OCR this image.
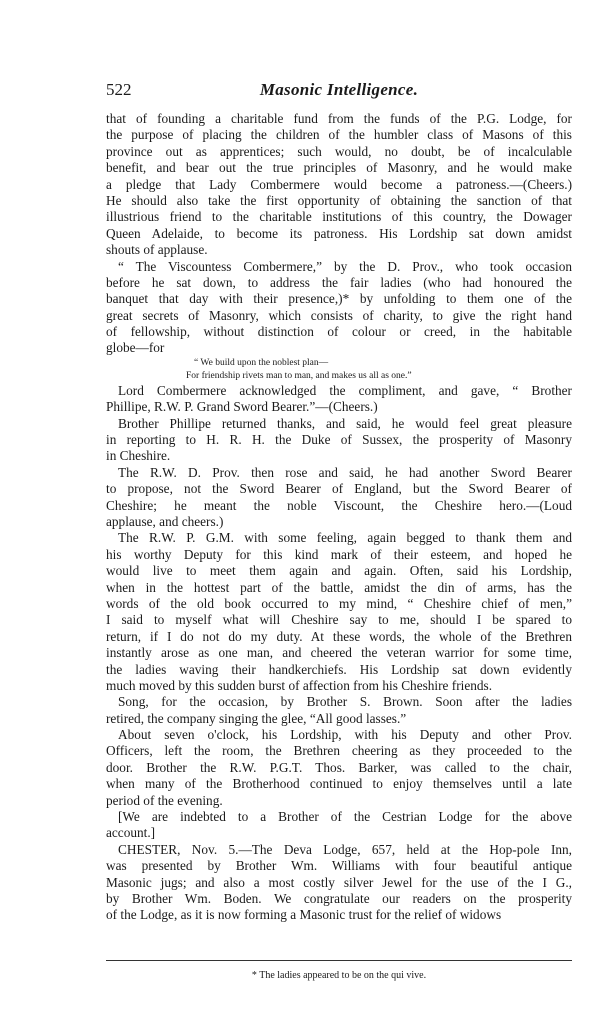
522	Masonic Intelligence.
that of founding a charitable fund from the funds of the P.G. Lodge, for
the purpose of placing the children of the humbler class of Masons of this
province out as apprentices; such would, no doubt, be of incalculable
benefit, and bear out the true principles of Masonry, and he would make
a pledge that Lady Combermere would become a patroness.—(Cheers.)
He should also take the first opportunity of obtaining the sanction of that
illustrious friend to the charitable institutions of this country, the Dowager
Queen Adelaide, to become its patroness. His Lordship sat down amidst
shouts of applause.
“ The Viscountess Combermere,” by the D. Prov., who took occasion
before he sat down, to address the fair ladies (who had honoured the
banquet that day with their presence,)* by unfolding to them one of the
great secrets of Masonry, which consists of charity, to give the right hand
of fellowship, without distinction of colour or creed, in the habitable
globe—for
“ We build upon the noblest plan—
For friendship rivets man to man, and makes us all as one.”
Lord Combermere acknowledged the compliment, and gave, “ Brother
Phillipe, R.W. P. Grand Sword Bearer.”—(Cheers.)
Brother Phillipe returned thanks, and said, he would feel great pleasure
in reporting to H. R. H. the Duke of Sussex, the prosperity of Masonry
in Cheshire.
The R.W. D. Prov. then rose and said, he had another Sword Bearer
to propose, not the Sword Bearer of England, but the Sword Bearer of
Cheshire; he meant the noble Viscount, the Cheshire hero.—(Loud
applause, and cheers.)
The R.W. P. G.M. with some feeling, again begged to thank them and
his worthy Deputy for this kind mark of their esteem, and hoped he
would live to meet them again and again. Often, said his Lordship,
when in the hottest part of the battle, amidst the din of arms, has the
words of the old book occurred to my mind, “ Cheshire chief of men,”
I said to myself what will Cheshire say to me, should I be spared to
return, if I do not do my duty. At these words, the whole of the Brethren
instantly arose as one man, and cheered the veteran warrior for some time,
the ladies waving their handkerchiefs. His Lordship sat down evidently
much moved by this sudden burst of affection from his Cheshire friends.
Song, for the occasion, by Brother S. Brown. Soon after the ladies
retired, the company singing the glee, “All good lasses.”
About seven o'clock, his Lordship, with his Deputy and other Prov.
Officers, left the room, the Brethren cheering as they proceeded to the
door. Brother the R.W. P.G.T. Thos. Barker, was called to the chair,
when many of the Brotherhood continued to enjoy themselves until a late
period of the evening.
[We are indebted to a Brother of the Cestrian Lodge for the above
account.]
CHESTER, Nov. 5.—The Deva Lodge, 657, held at the Hop-pole Inn,
was presented by Brother Wm. Williams with four beautiful antique
Masonic jugs; and also a most costly silver Jewel for the use of the I G.,
by Brother Wm. Boden. We congratulate our readers on the prosperity
of the Lodge, as it is now forming a Masonic trust for the relief of widows
* The ladies appeared to be on the qui vive.
